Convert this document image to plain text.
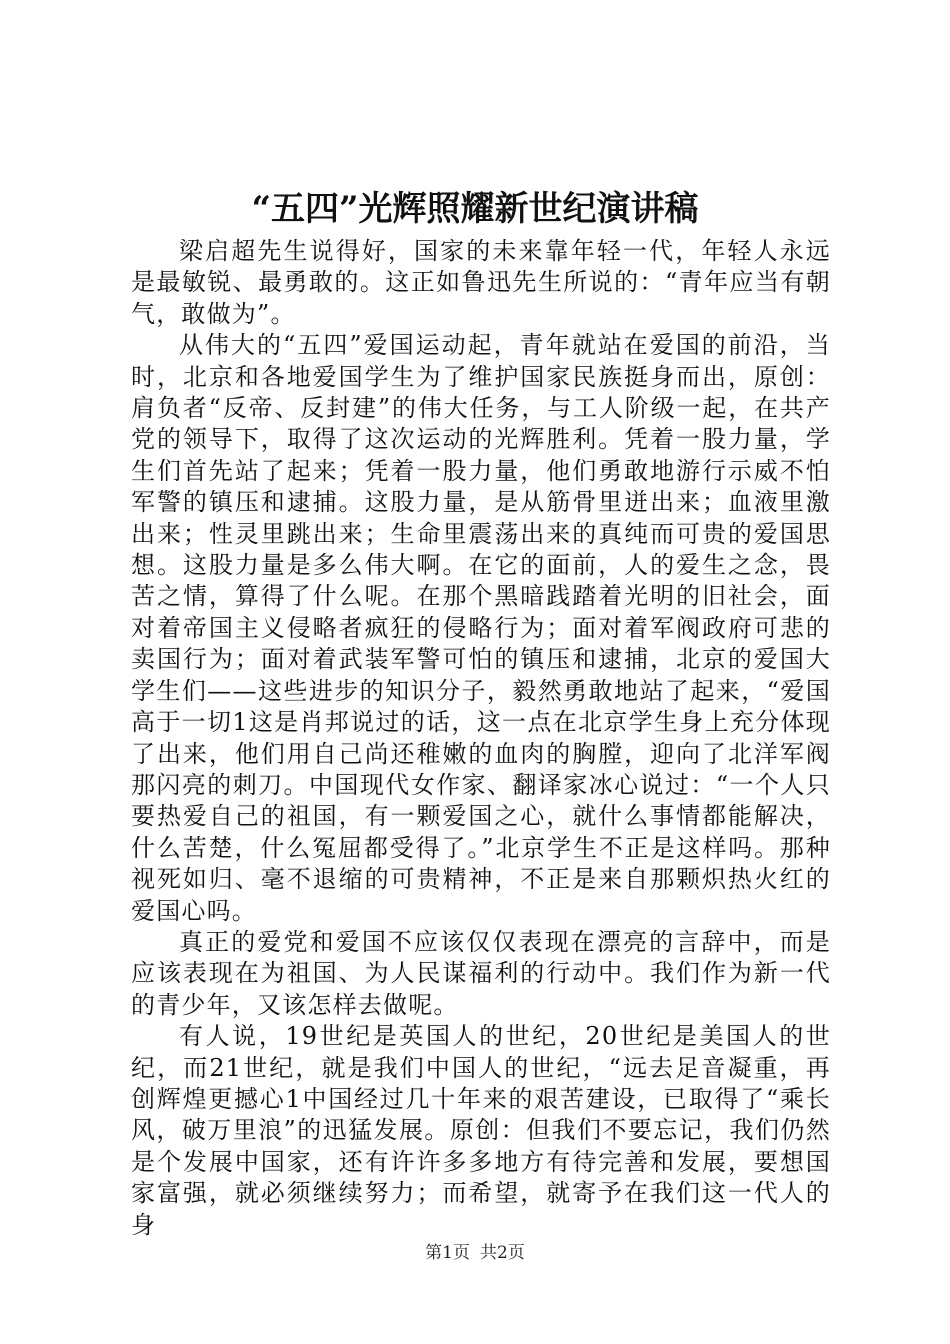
“五四”光辉照耀新世纪演讲稿

梁启超先生说得好，国家的未来靠年轻一代，年轻人永远是最敏锐、最勇敢的。这正如鲁迅先生所说的：“青年应当有朝气，敢做为”。

从伟大的“五四”爱国运动起，青年就站在爱国的前沿，当时，北京和各地爱国学生为了维护国家民族挺身而出，原创：肩负者“反帝、反封建”的伟大任务，与工人阶级一起，在共产党的领导下，取得了这次运动的光辉胜利。凭着一股力量，学生们首先站了起来；凭着一股力量，他们勇敢地游行示威不怕军警的镇压和逮捕。这股力量，是从筋骨里迸出来；血液里激出来；性灵里跳出来；生命里震荡出来的真纯而可贵的爱国思想。这股力量是多么伟大啊。在它的面前，人的爱生之念，畏苦之情，算得了什么呢。在那个黑暗践踏着光明的旧社会，面对着帝国主义侵略者疯狂的侵略行为；面对着军阀政府可悲的卖国行为；面对着武装军警可怕的镇压和逮捕，北京的爱国大学生们——这些进步的知识分子，毅然勇敢地站了起来，“爱国高于一切1这是肖邦说过的话，这一点在北京学生身上充分体现了出来，他们用自己尚还稚嫩的血肉的胸膛，迎向了北洋军阀那闪亮的刺刀。中国现代女作家、翻译家冰心说过：“一个人只要热爱自己的祖国，有一颗爱国之心，就什么事情都能解决，什么苦楚，什么冤屈都受得了。”北京学生不正是这样吗。那种视死如归、毫不退缩的可贵精神，不正是来自那颗炽热火红的爱国心吗。

真正的爱党和爱国不应该仅仅表现在漂亮的言辞中，而是应该表现在为祖国、为人民谋福利的行动中。我们作为新一代的青少年，又该怎样去做呢。

有人说，19世纪是英国人的世纪，20世纪是美国人的世纪，而21世纪，就是我们中国人的世纪，“远去足音凝重，再创辉煌更撼心1中国经过几十年来的艰苦建设，已取得了“乘长风，破万里浪”的迅猛发展。原创：但我们不要忘记，我们仍然是个发展中国家，还有许许多多地方有待完善和发展，要想国家富强，就必须继续努力；而希望，就寄予在我们这一代人的身

第1页 共2页
